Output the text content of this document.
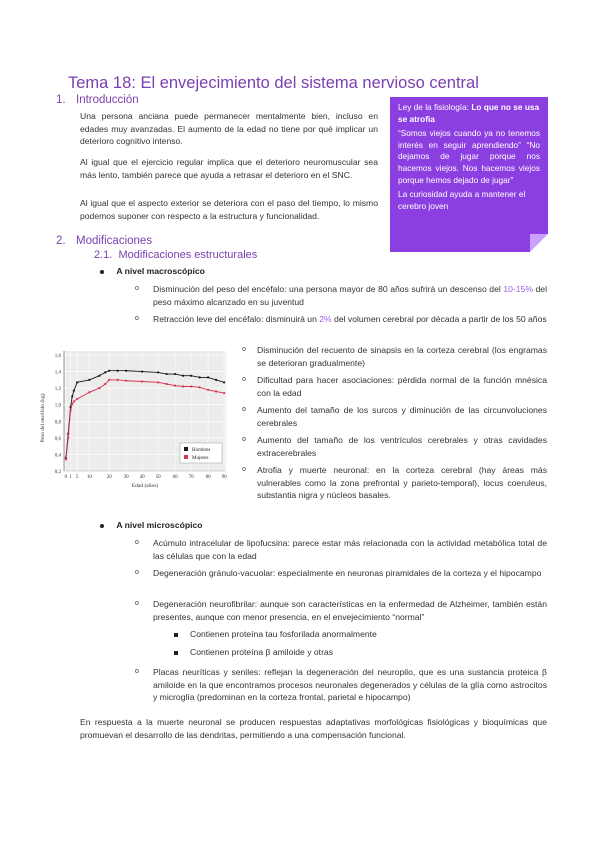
Tema 18: El envejecimiento del sistema nervioso central
1. Introducción
Una persona anciana puede permanecer mentalmente bien, incluso en edades muy avanzadas. El aumento de la edad no tiene por qué implicar un deterioro cognitivo intenso.
Al igual que el ejercicio regular implica que el deterioro neuromuscular sea más lento, también parece que ayuda a retrasar el deterioro en el SNC.
Al igual que el aspecto exterior se deteriora con el paso del tiempo, lo mismo podemos suponer con respecto a la estructura y funcionalidad.
Ley de la fisiología: Lo que no se usa se atrofia
“Somos viejos cuando ya no tenemos interés en seguir aprendiendo” “No dejamos de jugar porque nos hacemos viejos. Nos hacemos viejos porque hemos dejado de jugar”
La curiosidad ayuda a mantener el cerebro joven
2. Modificaciones
2.1. Modificaciones estructurales
A nivel macroscópico
o Disminución del peso del encéfalo: una persona mayor de 80 años sufrirá un descenso del 10-15% del peso máximo alcanzado en su juventud
o Retracción leve del encéfalo: disminuirá un 2% del volumen cerebral por década a partir de los 50 años
0,2
0,4
0,6
0,8
1,0
1,2
1,4
1,6
0 1 5 10	20 30 40 50 60 70 80 90
Peso del encéfalo (kg)
Edad (años)
Hombres
Mujeres
o Disminución del recuento de sinapsis en la corteza cerebral (los engramas se deterioran gradualmente)
o Dificultad para hacer asociaciones: pérdida normal de la función mnésica con la edad
o Aumento del tamaño de los surcos y diminución de las circunvoluciones cerebrales
o Aumento del tamaño de los ventrículos cerebrales y otras cavidades extracerebrales
o Atrofia y muerte neuronal: en la corteza cerebral (hay áreas más vulnerables como la zona prefrontal y parieto-temporal), locus coeruleus, substantia nigra y núcleos basales.
A nivel microscópico
o Acúmulo intracelular de lipofucsina: parece estar más relacionada con la actividad metabólica total de las células que con la edad
o Degeneración gránulo-vacuolar: especialmente en neuronas piramidales de la corteza y el hipocampo
o Degeneración neurofibrilar: aunque son características en la enfermedad de Alzheimer, también están presentes, aunque con menor presencia, en el envejecimiento “normal”
Contienen proteína tau fosforilada anormalmente
Contienen proteína β amiloide y otras
o Placas neuríticas y seniles: reflejan la degeneración del neuropilo, que es una sustancia proteica β amiloide en la que encontramos procesos neuronales degenerados y células de la glía como astrocitos y microglía (predominan en la corteza frontal, parietal e hipocampo)
En respuesta a la muerte neuronal se producen respuestas adaptativas morfológicas fisiológicas y bioquímicas que promuevan el desarrollo de las dendritas, permitiendo a una compensación funcional.
